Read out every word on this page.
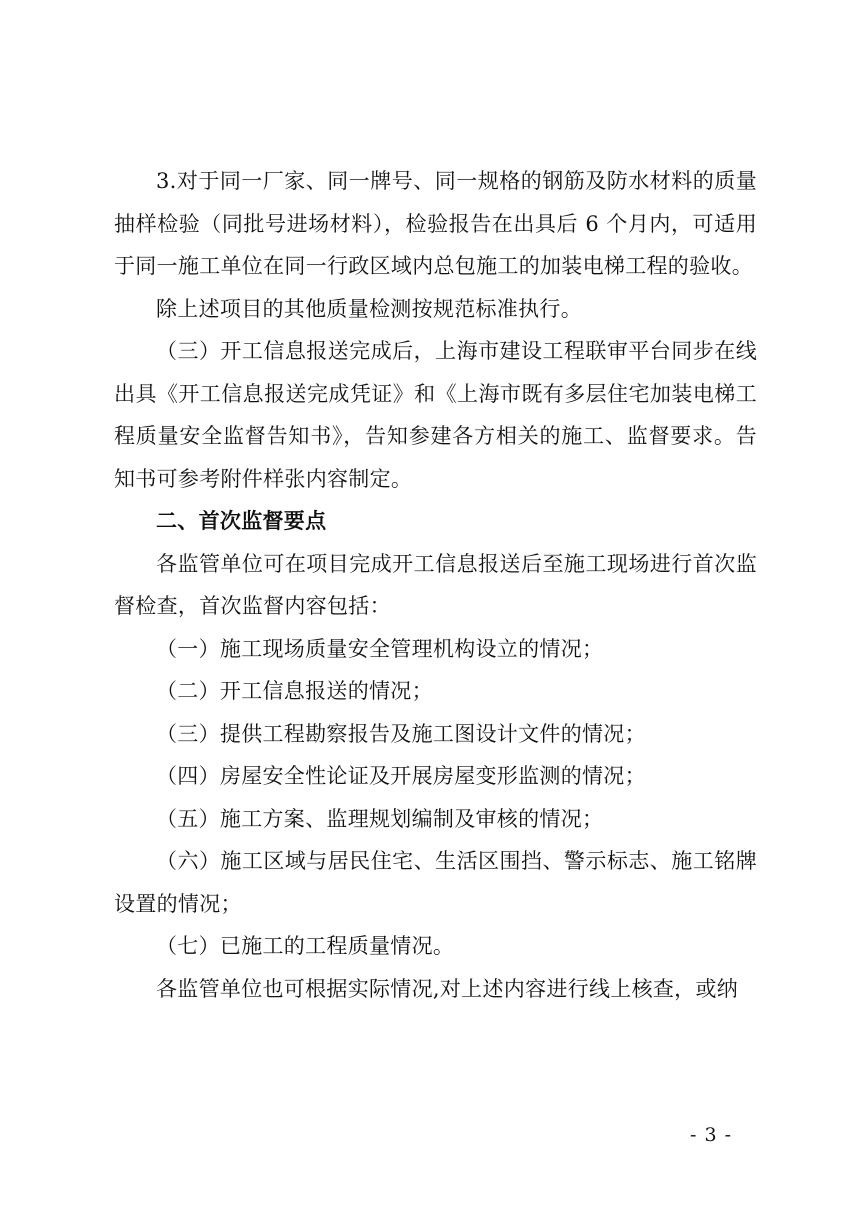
3.对于同一厂家、同一牌号、同一规格的钢筋及防水材料的质量抽样检验（同批号进场材料），检验报告在出具后 6 个月内，可适用于同一施工单位在同一行政区域内总包施工的加装电梯工程的验收。

除上述项目的其他质量检测按规范标准执行。

（三）开工信息报送完成后，上海市建设工程联审平台同步在线出具《开工信息报送完成凭证》和《上海市既有多层住宅加装电梯工程质量安全监督告知书》，告知参建各方相关的施工、监督要求。告知书可参考附件样张内容制定。

二、首次监督要点

各监管单位可在项目完成开工信息报送后至施工现场进行首次监督检查，首次监督内容包括：

（一）施工现场质量安全管理机构设立的情况；

（二）开工信息报送的情况；

（三）提供工程勘察报告及施工图设计文件的情况；

（四）房屋安全性论证及开展房屋变形监测的情况；

（五）施工方案、监理规划编制及审核的情况；

（六）施工区域与居民住宅、生活区围挡、警示标志、施工铭牌设置的情况；

（七）已施工的工程质量情况。

各监管单位也可根据实际情况,对上述内容进行线上核查，或纳

- 3 -
